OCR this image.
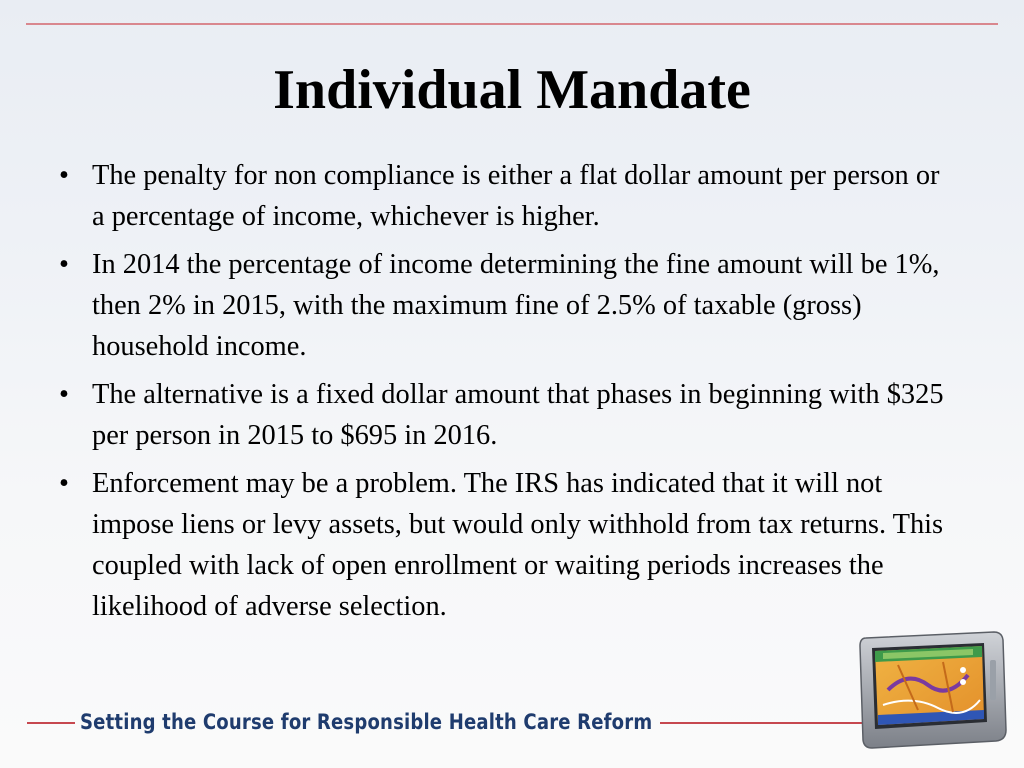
Individual Mandate
• The penalty for non compliance is either a flat dollar amount per person or a percentage of income, whichever is higher.
• In 2014 the percentage of income determining the fine amount will be 1%, then 2% in 2015, with the maximum fine of 2.5% of taxable (gross) household income.
• The alternative is a fixed dollar amount that phases in beginning with $325 per person in 2015 to $695 in 2016.
• Enforcement may be a problem. The IRS has indicated that it will not impose liens or levy assets, but would only withhold from tax returns. This coupled with lack of open enrollment or waiting periods increases the likelihood of adverse selection.
Setting the Course for Responsible Health Care Reform
